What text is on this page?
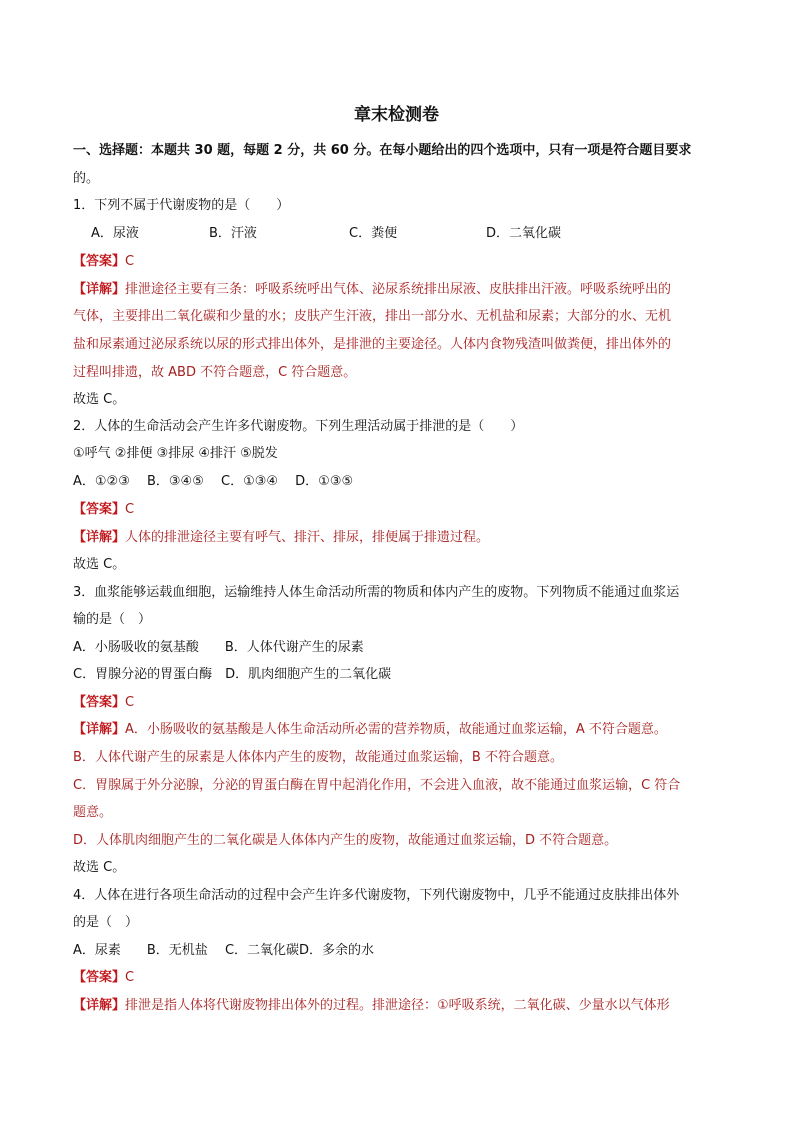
章末检测卷
一、选择题：本题共 30 题，每题 2 分，共 60 分。在每小题给出的四个选项中，只有一项是符合题目要求
的。
1．下列不属于代谢废物的是（　　）
A．尿液	B．汗液	C．粪便	D．二氧化碳
【答案】C
【详解】排泄途径主要有三条：呼吸系统呼出气体、泌尿系统排出尿液、皮肤排出汗液。呼吸系统呼出的
气体，主要排出二氧化碳和少量的水；皮肤产生汗液，排出一部分水、无机盐和尿素；大部分的水、无机
盐和尿素通过泌尿系统以尿的形式排出体外，是排泄的主要途径。人体内食物残渣叫做粪便，排出体外的
过程叫排遗，故 ABD 不符合题意，C 符合题意。
故选 C。
2．人体的生命活动会产生许多代谢废物。下列生理活动属于排泄的是（　　）
①呼气 ②排便 ③排尿 ④排汗 ⑤脱发
A．①②③　 B．③④⑤　 C．①③④　 D．①③⑤
【答案】C
【详解】人体的排泄途径主要有呼气、排汗、排尿，排便属于排遗过程。
故选 C。
3．血浆能够运载血细胞，运输维持人体生命活动所需的物质和体内产生的废物。下列物质不能通过血浆运
输的是（　）
A．小肠吸收的氨基酸　　B．人体代谢产生的尿素
C．胃腺分泌的胃蛋白酶　D．肌肉细胞产生的二氧化碳
【答案】C
【详解】A．小肠吸收的氨基酸是人体生命活动所必需的营养物质，故能通过血浆运输，A 不符合题意。
B．人体代谢产生的尿素是人体体内产生的废物，故能通过血浆运输，B 不符合题意。
C．胃腺属于外分泌腺，分泌的胃蛋白酶在胃中起消化作用，不会进入血液，故不能通过血浆运输，C 符合
题意。
D．人体肌肉细胞产生的二氧化碳是人体体内产生的废物，故能通过血浆运输，D 不符合题意。
故选 C。
4．人体在进行各项生命活动的过程中会产生许多代谢废物，下列代谢废物中，几乎不能通过皮肤排出体外
的是（　）
A．尿素　　B．无机盐　 C．二氧化碳D．多余的水
【答案】C
【详解】排泄是指人体将代谢废物排出体外的过程。排泄途径：①呼吸系统，二氧化碳、少量水以气体形
